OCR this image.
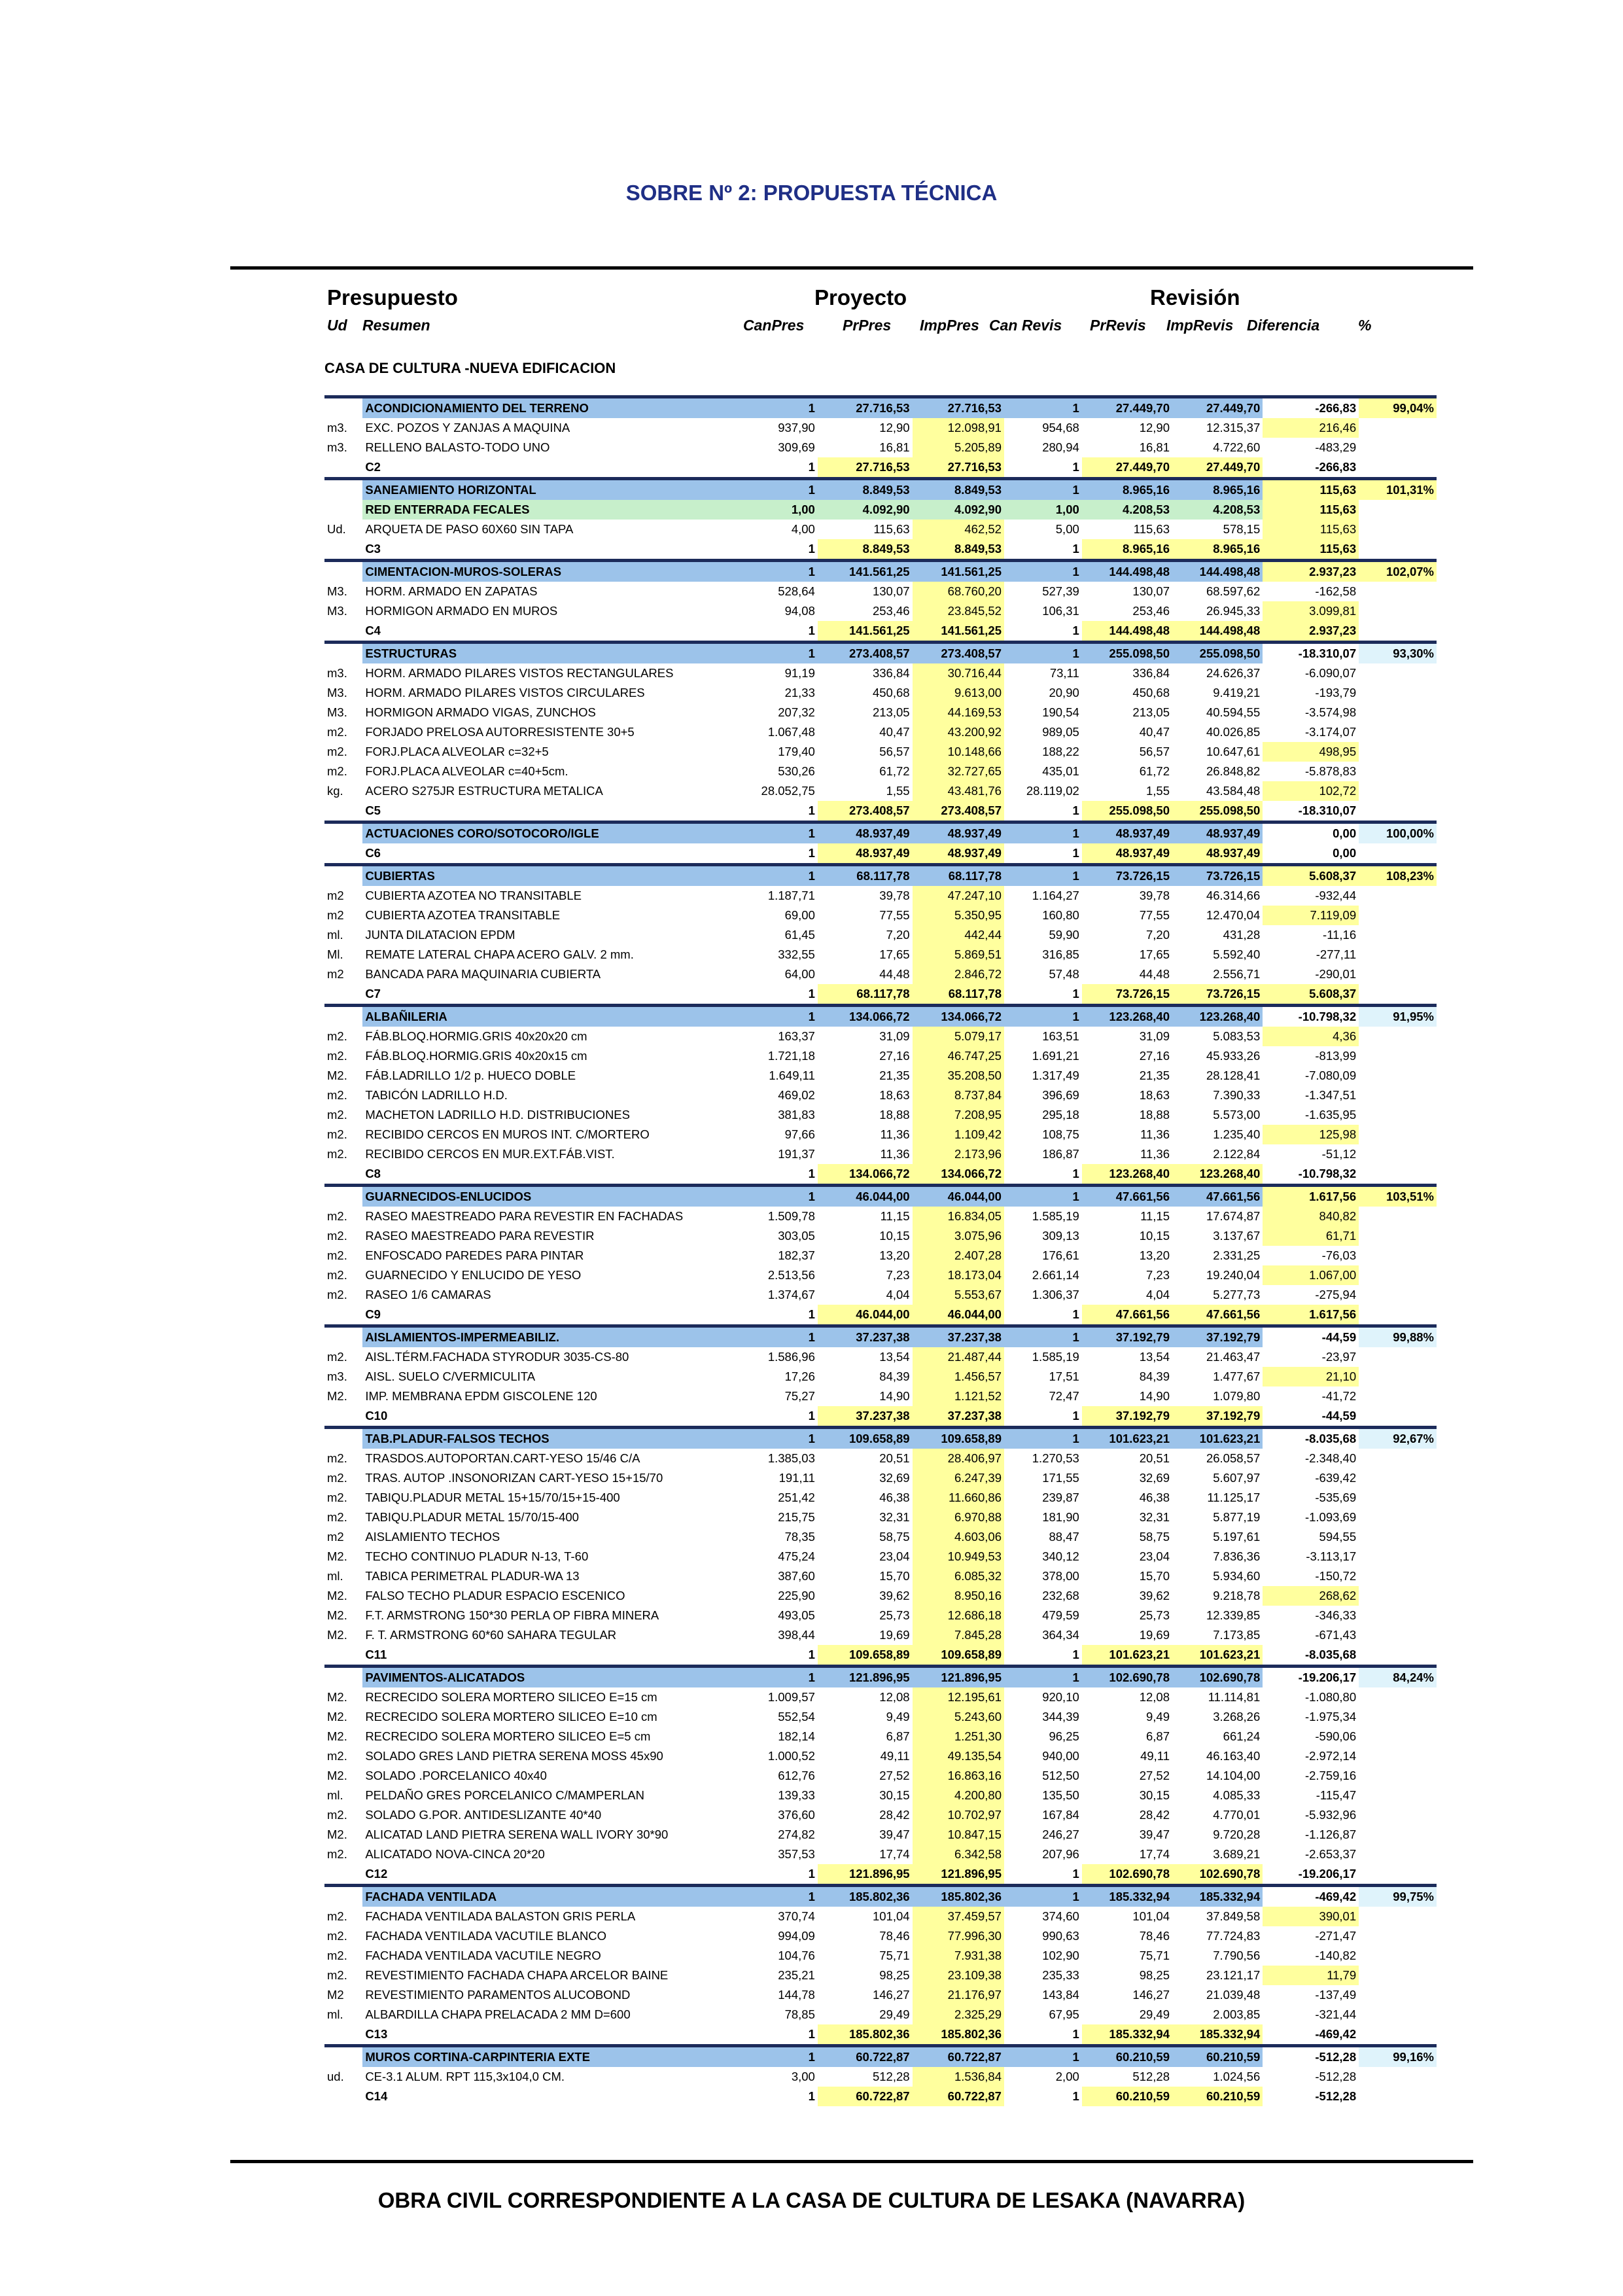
SOBRE Nº 2: PROPUESTA TÉCNICA
Presupuesto	Proyecto	Revisión
Ud Resumen	CanPres	PrPres ImpPres Can Revis PrRevis ImpRevis Diferencia	%
CASA DE CULTURA -NUEVA EDIFICACION
	ACONDICIONAMIENTO DEL TERRENO	1	27.716,53	27.716,53	1	27.449,70	27.449,70	-266,83	99,04%
m3.	EXC. POZOS Y ZANJAS A MAQUINA	937,90	12,90	12.098,91	954,68	12,90	12.315,37	216,46	
m3.	RELLENO BALASTO-TODO UNO	309,69	16,81	5.205,89	280,94	16,81	4.722,60	-483,29	
	C2	1	27.716,53	27.716,53	1	27.449,70	27.449,70	-266,83	
	SANEAMIENTO HORIZONTAL	1	8.849,53	8.849,53	1	8.965,16	8.965,16	115,63	101,31%
	RED ENTERRADA FECALES	1,00	4.092,90	4.092,90	1,00	4.208,53	4.208,53	115,63	
Ud.	ARQUETA DE PASO 60X60 SIN TAPA	4,00	115,63	462,52	5,00	115,63	578,15	115,63	
	C3	1	8.849,53	8.849,53	1	8.965,16	8.965,16	115,63	
	CIMENTACION-MUROS-SOLERAS	1	141.561,25	141.561,25	1	144.498,48	144.498,48	2.937,23	102,07%
M3.	HORM. ARMADO EN ZAPATAS	528,64	130,07	68.760,20	527,39	130,07	68.597,62	-162,58	
M3.	HORMIGON ARMADO EN MUROS	94,08	253,46	23.845,52	106,31	253,46	26.945,33	3.099,81	
	C4	1	141.561,25	141.561,25	1	144.498,48	144.498,48	2.937,23	
	ESTRUCTURAS	1	273.408,57	273.408,57	1	255.098,50	255.098,50	-18.310,07	93,30%
m3.	HORM. ARMADO PILARES VISTOS RECTANGULARES	91,19	336,84	30.716,44	73,11	336,84	24.626,37	-6.090,07	
M3.	HORM. ARMADO PILARES VISTOS CIRCULARES	21,33	450,68	9.613,00	20,90	450,68	9.419,21	-193,79	
M3.	HORMIGON ARMADO VIGAS, ZUNCHOS	207,32	213,05	44.169,53	190,54	213,05	40.594,55	-3.574,98	
m2.	FORJADO PRELOSA AUTORRESISTENTE 30+5	1.067,48	40,47	43.200,92	989,05	40,47	40.026,85	-3.174,07	
m2.	FORJ.PLACA ALVEOLAR c=32+5	179,40	56,57	10.148,66	188,22	56,57	10.647,61	498,95	
m2.	FORJ.PLACA ALVEOLAR c=40+5cm.	530,26	61,72	32.727,65	435,01	61,72	26.848,82	-5.878,83	
kg.	ACERO S275JR ESTRUCTURA METALICA	28.052,75	1,55	43.481,76	28.119,02	1,55	43.584,48	102,72	
	C5	1	273.408,57	273.408,57	1	255.098,50	255.098,50	-18.310,07	
	ACTUACIONES CORO/SOTOCORO/IGLE	1	48.937,49	48.937,49	1	48.937,49	48.937,49	0,00	100,00%
	C6	1	48.937,49	48.937,49	1	48.937,49	48.937,49	0,00	
	CUBIERTAS	1	68.117,78	68.117,78	1	73.726,15	73.726,15	5.608,37	108,23%
m2	CUBIERTA AZOTEA NO TRANSITABLE	1.187,71	39,78	47.247,10	1.164,27	39,78	46.314,66	-932,44	
m2	CUBIERTA AZOTEA TRANSITABLE	69,00	77,55	5.350,95	160,80	77,55	12.470,04	7.119,09	
ml.	JUNTA DILATACION EPDM	61,45	7,20	442,44	59,90	7,20	431,28	-11,16	
Ml.	REMATE LATERAL CHAPA ACERO GALV. 2 mm.	332,55	17,65	5.869,51	316,85	17,65	5.592,40	-277,11	
m2	BANCADA PARA MAQUINARIA CUBIERTA	64,00	44,48	2.846,72	57,48	44,48	2.556,71	-290,01	
	C7	1	68.117,78	68.117,78	1	73.726,15	73.726,15	5.608,37	
	ALBAÑILERIA	1	134.066,72	134.066,72	1	123.268,40	123.268,40	-10.798,32	91,95%
m2.	FÁB.BLOQ.HORMIG.GRIS 40x20x20 cm	163,37	31,09	5.079,17	163,51	31,09	5.083,53	4,36	
m2.	FÁB.BLOQ.HORMIG.GRIS 40x20x15 cm	1.721,18	27,16	46.747,25	1.691,21	27,16	45.933,26	-813,99	
M2.	FÁB.LADRILLO 1/2 p. HUECO DOBLE	1.649,11	21,35	35.208,50	1.317,49	21,35	28.128,41	-7.080,09	
m2.	TABICÓN LADRILLO H.D.	469,02	18,63	8.737,84	396,69	18,63	7.390,33	-1.347,51	
m2.	MACHETON LADRILLO H.D. DISTRIBUCIONES	381,83	18,88	7.208,95	295,18	18,88	5.573,00	-1.635,95	
m2.	RECIBIDO CERCOS EN MUROS INT. C/MORTERO	97,66	11,36	1.109,42	108,75	11,36	1.235,40	125,98	
m2.	RECIBIDO CERCOS EN MUR.EXT.FÁB.VIST.	191,37	11,36	2.173,96	186,87	11,36	2.122,84	-51,12	
	C8	1	134.066,72	134.066,72	1	123.268,40	123.268,40	-10.798,32	
	GUARNECIDOS-ENLUCIDOS	1	46.044,00	46.044,00	1	47.661,56	47.661,56	1.617,56	103,51%
m2.	RASEO MAESTREADO PARA REVESTIR EN FACHADAS	1.509,78	11,15	16.834,05	1.585,19	11,15	17.674,87	840,82	
m2.	RASEO MAESTREADO PARA REVESTIR	303,05	10,15	3.075,96	309,13	10,15	3.137,67	61,71	
m2.	ENFOSCADO PAREDES PARA PINTAR	182,37	13,20	2.407,28	176,61	13,20	2.331,25	-76,03	
m2.	GUARNECIDO Y ENLUCIDO DE YESO	2.513,56	7,23	18.173,04	2.661,14	7,23	19.240,04	1.067,00	
m2.	RASEO 1/6 CAMARAS	1.374,67	4,04	5.553,67	1.306,37	4,04	5.277,73	-275,94	
	C9	1	46.044,00	46.044,00	1	47.661,56	47.661,56	1.617,56	
	AISLAMIENTOS-IMPERMEABILIZ.	1	37.237,38	37.237,38	1	37.192,79	37.192,79	-44,59	99,88%
m2.	AISL.TÉRM.FACHADA STYRODUR 3035-CS-80	1.586,96	13,54	21.487,44	1.585,19	13,54	21.463,47	-23,97	
m3.	AISL. SUELO C/VERMICULITA	17,26	84,39	1.456,57	17,51	84,39	1.477,67	21,10	
M2.	IMP. MEMBRANA EPDM GISCOLENE 120	75,27	14,90	1.121,52	72,47	14,90	1.079,80	-41,72	
	C10	1	37.237,38	37.237,38	1	37.192,79	37.192,79	-44,59	
	TAB.PLADUR-FALSOS TECHOS	1	109.658,89	109.658,89	1	101.623,21	101.623,21	-8.035,68	92,67%
m2.	TRASDOS.AUTOPORTAN.CART-YESO 15/46 C/A	1.385,03	20,51	28.406,97	1.270,53	20,51	26.058,57	-2.348,40	
m2.	TRAS. AUTOP .INSONORIZAN CART-YESO 15+15/70	191,11	32,69	6.247,39	171,55	32,69	5.607,97	-639,42	
m2.	TABIQU.PLADUR METAL 15+15/70/15+15-400	251,42	46,38	11.660,86	239,87	46,38	11.125,17	-535,69	
m2.	TABIQU.PLADUR METAL 15/70/15-400	215,75	32,31	6.970,88	181,90	32,31	5.877,19	-1.093,69	
m2	AISLAMIENTO TECHOS	78,35	58,75	4.603,06	88,47	58,75	5.197,61	594,55	
M2.	TECHO CONTINUO PLADUR N-13, T-60	475,24	23,04	10.949,53	340,12	23,04	7.836,36	-3.113,17	
ml.	TABICA PERIMETRAL PLADUR-WA 13	387,60	15,70	6.085,32	378,00	15,70	5.934,60	-150,72	
M2.	FALSO TECHO PLADUR ESPACIO ESCENICO	225,90	39,62	8.950,16	232,68	39,62	9.218,78	268,62	
M2.	F.T. ARMSTRONG 150*30 PERLA OP FIBRA MINERA	493,05	25,73	12.686,18	479,59	25,73	12.339,85	-346,33	
M2.	F. T. ARMSTRONG 60*60 SAHARA TEGULAR	398,44	19,69	7.845,28	364,34	19,69	7.173,85	-671,43	
	C11	1	109.658,89	109.658,89	1	101.623,21	101.623,21	-8.035,68	
	PAVIMENTOS-ALICATADOS	1	121.896,95	121.896,95	1	102.690,78	102.690,78	-19.206,17	84,24%
M2.	RECRECIDO SOLERA MORTERO SILICEO E=15 cm	1.009,57	12,08	12.195,61	920,10	12,08	11.114,81	-1.080,80	
M2.	RECRECIDO SOLERA MORTERO SILICEO E=10 cm	552,54	9,49	5.243,60	344,39	9,49	3.268,26	-1.975,34	
M2.	RECRECIDO SOLERA MORTERO SILICEO E=5 cm	182,14	6,87	1.251,30	96,25	6,87	661,24	-590,06	
m2.	SOLADO GRES LAND PIETRA SERENA MOSS 45x90	1.000,52	49,11	49.135,54	940,00	49,11	46.163,40	-2.972,14	
M2.	SOLADO .PORCELANICO 40x40	612,76	27,52	16.863,16	512,50	27,52	14.104,00	-2.759,16	
ml.	PELDAÑO GRES PORCELANICO C/MAMPERLAN	139,33	30,15	4.200,80	135,50	30,15	4.085,33	-115,47	
m2.	SOLADO G.POR. ANTIDESLIZANTE 40*40	376,60	28,42	10.702,97	167,84	28,42	4.770,01	-5.932,96	
M2.	ALICATAD LAND PIETRA SERENA WALL IVORY 30*90	274,82	39,47	10.847,15	246,27	39,47	9.720,28	-1.126,87	
m2.	ALICATADO NOVA-CINCA 20*20	357,53	17,74	6.342,58	207,96	17,74	3.689,21	-2.653,37	
	C12	1	121.896,95	121.896,95	1	102.690,78	102.690,78	-19.206,17	
	FACHADA VENTILADA	1	185.802,36	185.802,36	1	185.332,94	185.332,94	-469,42	99,75%
m2.	FACHADA VENTILADA BALASTON GRIS PERLA	370,74	101,04	37.459,57	374,60	101,04	37.849,58	390,01	
m2.	FACHADA VENTILADA VACUTILE BLANCO	994,09	78,46	77.996,30	990,63	78,46	77.724,83	-271,47	
m2.	FACHADA VENTILADA VACUTILE NEGRO	104,76	75,71	7.931,38	102,90	75,71	7.790,56	-140,82	
m2.	REVESTIMIENTO FACHADA CHAPA ARCELOR BAINE	235,21	98,25	23.109,38	235,33	98,25	23.121,17	11,79	
M2	REVESTIMIENTO PARAMENTOS ALUCOBOND	144,78	146,27	21.176,97	143,84	146,27	21.039,48	-137,49	
ml.	ALBARDILLA CHAPA PRELACADA 2 MM D=600	78,85	29,49	2.325,29	67,95	29,49	2.003,85	-321,44	
	C13	1	185.802,36	185.802,36	1	185.332,94	185.332,94	-469,42	
	MUROS CORTINA-CARPINTERIA EXTE	1	60.722,87	60.722,87	1	60.210,59	60.210,59	-512,28	99,16%
ud.	CE-3.1 ALUM. RPT 115,3x104,0 CM.	3,00	512,28	1.536,84	2,00	512,28	1.024,56	-512,28	
	C14	1	60.722,87	60.722,87	1	60.210,59	60.210,59	-512,28	
OBRA CIVIL CORRESPONDIENTE A LA CASA DE CULTURA DE LESAKA (NAVARRA)
